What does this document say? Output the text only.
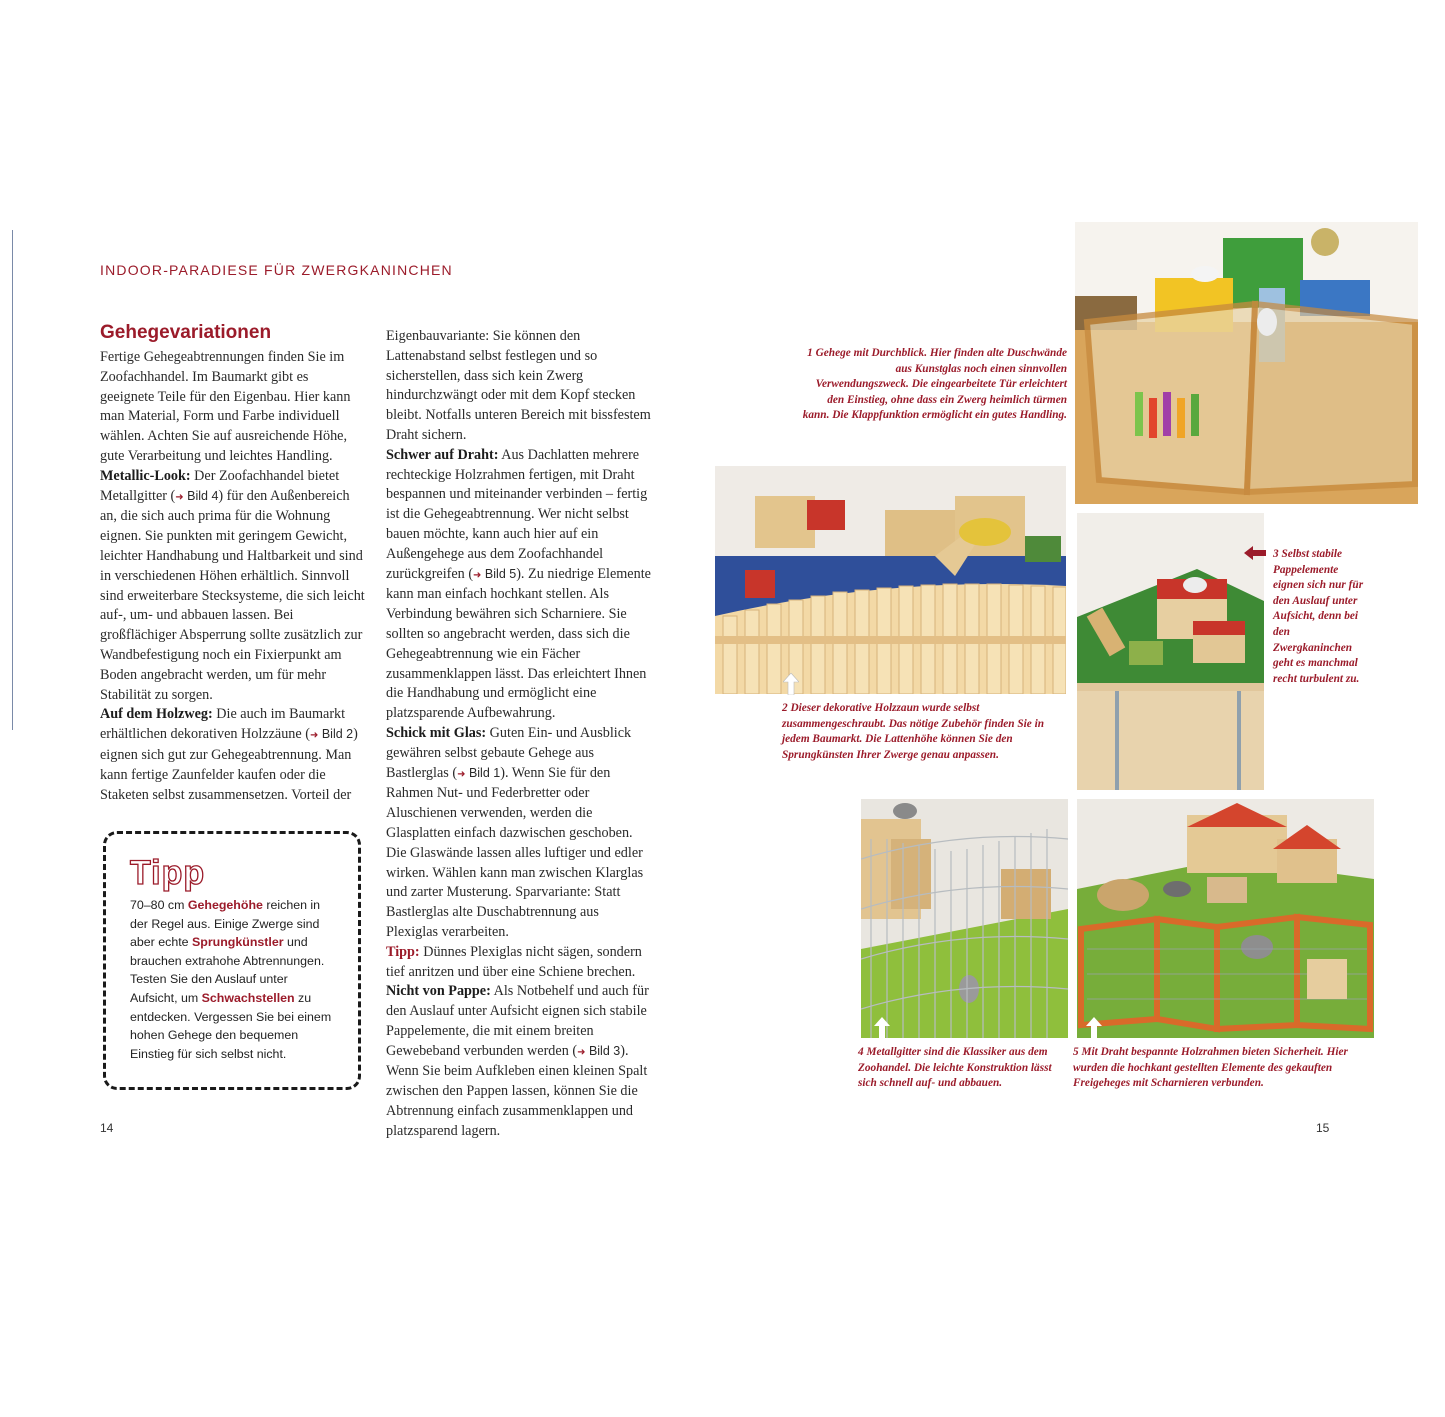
INDOOR-PARADIESE FÜR ZWERGKANINCHEN
Gehegevariationen

Fertige Gehegeabtrennungen finden Sie im Zoofachhandel. Im Baumarkt gibt es geeignete Teile für den Eigenbau. Hier kann man Material, Form und Farbe individuell wählen. Achten Sie auf ausreichende Höhe, gute Verarbeitung und leichtes Handling.

Metallic-Look: Der Zoofachhandel bietet Metallgitter (➜ Bild 4) für den Außenbereich an, die sich auch prima für die Wohnung eignen. Sie punkten mit geringem Gewicht, leichter Handhabung und Haltbarkeit und sind in verschiedenen Höhen erhältlich. Sinnvoll sind erweiterbare Stecksysteme, die sich leicht auf-, um- und abbauen lassen. Bei großflächiger Absperrung sollte zusätzlich zur Wandbefestigung noch ein Fixierpunkt am Boden angebracht werden, um für mehr Stabilität zu sorgen.

Auf dem Holzweg: Die auch im Baumarkt erhältlichen dekorativen Holzzäune (➜ Bild 2) eignen sich gut zur Gehegeabtrennung. Man kann fertige Zaunfelder kaufen oder die Staketen selbst zusammensetzen. Vorteil der

Tipp
70–80 cm Gehegehöhe reichen in der Regel aus. Einige Zwerge sind aber echte Sprungkünstler und brauchen extrahohe Abtrennungen. Testen Sie den Auslauf unter Aufsicht, um Schwachstellen zu entdecken. Vergessen Sie bei einem hohen Gehege den bequemen Einstieg für sich selbst nicht.

Eigenbauvariante: Sie können den Lattenabstand selbst festlegen und so sicherstellen, dass sich kein Zwerg hindurchzwängt oder mit dem Kopf stecken bleibt. Notfalls unteren Bereich mit bissfestem Draht sichern.

Schwer auf Draht: Aus Dachlatten mehrere rechteckige Holzrahmen fertigen, mit Draht bespannen und miteinander verbinden – fertig ist die Gehegeabtrennung. Wer nicht selbst bauen möchte, kann auch hier auf ein Außengehege aus dem Zoofachhandel zurückgreifen (➜ Bild 5). Zu niedrige Elemente kann man einfach hochkant stellen. Als Verbindung bewähren sich Scharniere. Sie sollten so angebracht werden, dass sich die Gehegeabtrennung wie ein Fächer zusammenklappen lässt. Das erleichtert Ihnen die Handhabung und ermöglicht eine platzsparende Aufbewahrung.

Schick mit Glas: Guten Ein- und Ausblick gewähren selbst gebaute Gehege aus Bastlerglas (➜ Bild 1). Wenn Sie für den Rahmen Nut- und Federbretter oder Aluschienen verwenden, werden die Glasplatten einfach dazwischen geschoben. Die Glaswände lassen alles luftiger und edler wirken. Wählen kann man zwischen Klarglas und zarter Musterung. Sparvariante: Statt Bastlerglas alte Duschabtrennung aus Plexiglas verarbeiten.

Tipp: Dünnes Plexiglas nicht sägen, sondern tief anritzen und über eine Schiene brechen.

Nicht von Pappe: Als Notbehelf und auch für den Auslauf unter Aufsicht eignen sich stabile Pappelemente, die mit einem breiten Gewebeband verbunden werden (➜ Bild 3). Wenn Sie beim Aufkleben einen kleinen Spalt zwischen den Pappen lassen, können Sie die Abtrennung einfach zusammenklappen und platzsparend lagern.

1 Gehege mit Durchblick. Hier finden alte Duschwände aus Kunstglas noch einen sinnvollen Verwendungszweck. Die eingearbeitete Tür erleichtert den Einstieg, ohne dass ein Zwerg heimlich türmen kann. Die Klappfunktion ermöglicht ein gutes Handling.
2 Dieser dekorative Holzzaun wurde selbst zusammengeschraubt. Das nötige Zubehör finden Sie in jedem Baumarkt. Die Lattenhöhe können Sie den Sprungkünsten Ihrer Zwerge genau anpassen.
3 Selbst stabile Pappelemente eignen sich nur für den Auslauf unter Aufsicht, denn bei den Zwergkaninchen geht es manchmal recht turbulent zu.
4 Metallgitter sind die Klassiker aus dem Zoohandel. Die leichte Konstruktion lässt sich schnell auf- und abbauen.
5 Mit Draht bespannte Holzrahmen bieten Sicherheit. Hier wurden die hochkant gestellten Elemente des gekauften Freigeheges mit Scharnieren verbunden.
14	15
